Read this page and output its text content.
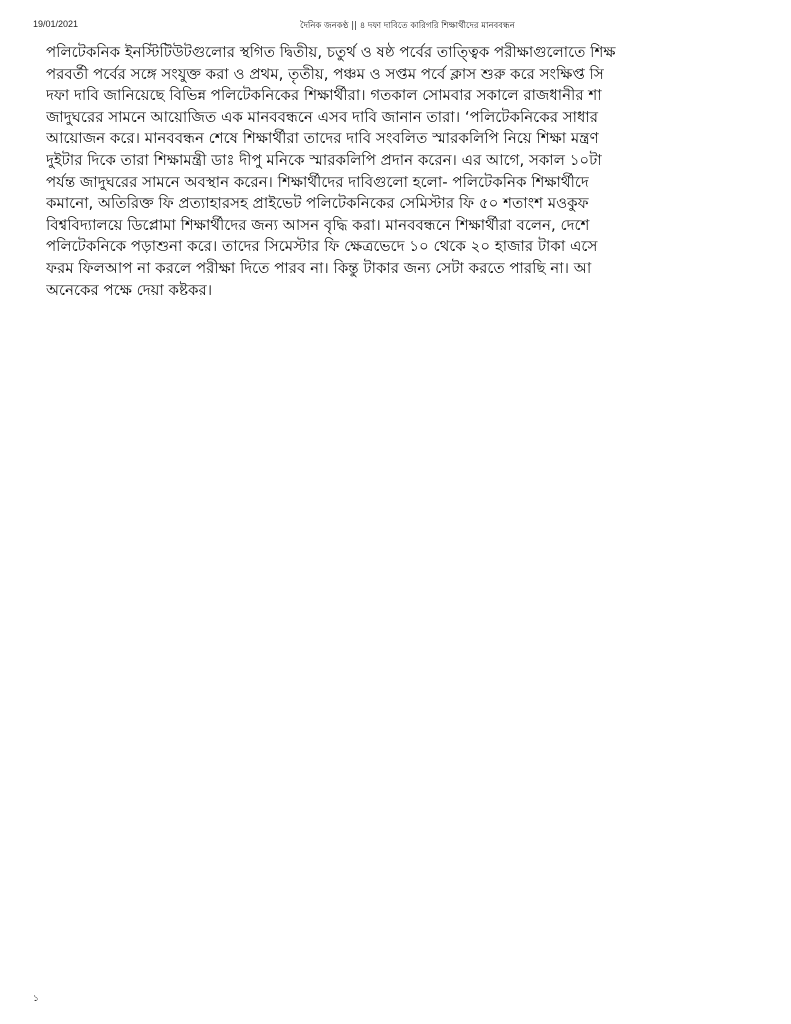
19/01/2021	দৈনিক জনকণ্ঠ || ৪ দফা দাবিতে কারিগরি শিক্ষার্থীদের মানববন্ধন
পলিটেকনিক ইনস্টিটিউটগুলোর স্থগিত দ্বিতীয়, চতুর্থ ও ষষ্ঠ পর্বের তাত্ত্বিক পরীক্ষাগুলোতে শিক্ষ
পরবর্তী পর্বের সঙ্গে সংযুক্ত করা ও প্রথম, তৃতীয়, পঞ্চম ও সপ্তম পর্বে ক্লাস শুরু করে সংক্ষিপ্ত সি
দফা দাবি জানিয়েছে বিভিন্ন পলিটেকনিকের শিক্ষার্থীরা। গতকাল সোমবার সকালে রাজধানীর শা
জাদুঘরের সামনে আয়োজিত এক মানববন্ধনে এসব দাবি জানান তারা। ‘পলিটেকনিকের সাধার
আয়োজন করে। মানববন্ধন শেষে শিক্ষার্থীরা তাদের দাবি সংবলিত স্মারকলিপি নিয়ে শিক্ষা মন্ত্রণ
দুইটার দিকে তারা শিক্ষামন্ত্রী ডাঃ দীপু মনিকে স্মারকলিপি প্রদান করেন। এর আগে, সকাল ১০টা
পর্যন্ত জাদুঘরের সামনে অবস্থান করেন। শিক্ষার্থীদের দাবিগুলো হলো- পলিটেকনিক শিক্ষার্থীদে
কমানো, অতিরিক্ত ফি প্রত্যাহারসহ প্রাইভেট পলিটেকনিকের সেমিস্টার ফি ৫০ শতাংশ মওকুফ
বিশ্ববিদ্যালয়ে ডিপ্লোমা শিক্ষার্থীদের জন্য আসন বৃদ্ধি করা। মানববন্ধনে শিক্ষার্থীরা বলেন, দেশে
পলিটেকনিকে পড়াশুনা করে। তাদের সিমেস্টার ফি ক্ষেত্রভেদে ১০ থেকে ২০ হাজার টাকা এসে
ফরম ফিলআপ না করলে পরীক্ষা দিতে পারব না। কিন্তু টাকার জন্য সেটা করতে পারছি না। আ
অনেকের পক্ষে দেয়া কষ্টকর।
১
